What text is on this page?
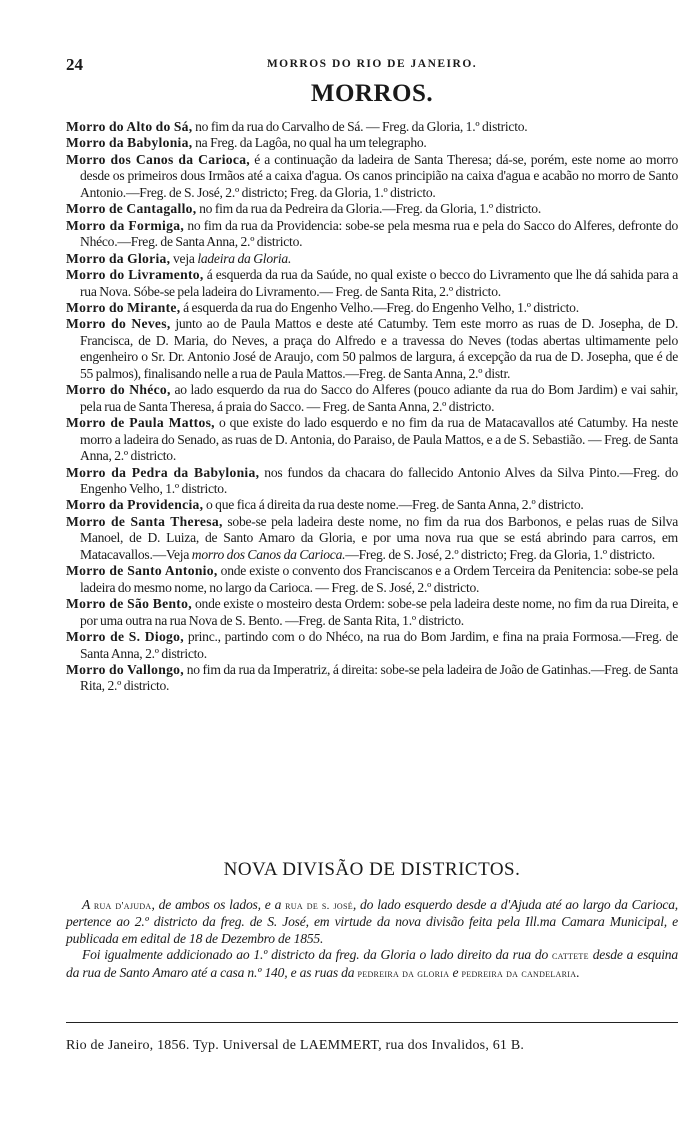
24	MORROS DO RIO DE JANEIRO.
MORROS.

Morro do Alto do Sá, no fim da rua do Carvalho de Sá. — Freg. da Gloria, 1.º districto.

Morro da Babylonia, na Freg. da Lagôa, no qual ha um telegrapho.

Morro dos Canos da Carioca, é a continuação da ladeira de Santa Theresa; dá-se, porém, este nome ao morro desde os primeiros dous Irmãos até a caixa d'agua. Os canos principião na caixa d'agua e acabão no morro de Santo Antonio.—Freg. de S. José, 2.º districto; Freg. da Gloria, 1.º districto.

Morro de Cantagallo, no fim da rua da Pedreira da Gloria.—Freg. da Gloria, 1.º districto.

Morro da Formiga, no fim da rua da Providencia: sobe-se pela mesma rua e pela do Sacco do Alferes, defronte do Nhéco.—Freg. de Santa Anna, 2.º districto.

Morro da Gloria, veja ladeira da Gloria.

Morro do Livramento, á esquerda da rua da Saúde, no qual existe o becco do Livramento que lhe dá sahida para a rua Nova. Sóbe-se pela ladeira do Livramento.— Freg. de Santa Rita, 2.º districto.

Morro do Mirante, á esquerda da rua do Engenho Velho.—Freg. do Engenho Velho, 1.º districto.

Morro do Neves, junto ao de Paula Mattos e deste até Catumby. Tem este morro as ruas de D. Josepha, de D. Francisca, de D. Maria, do Neves, a praça do Alfredo e a travessa do Neves (todas abertas ultimamente pelo engenheiro o Sr. Dr. Antonio José de Araujo, com 50 palmos de largura, á excepção da rua de D. Josepha, que é de 55 palmos), finalisando nelle a rua de Paula Mattos.—Freg. de Santa Anna, 2.º distr.

Morro do Nhéco, ao lado esquerdo da rua do Sacco do Alferes (pouco adiante da rua do Bom Jardim) e vai sahir, pela rua de Santa Theresa, á praia do Sacco. — Freg. de Santa Anna, 2.º districto.

Morro de Paula Mattos, o que existe do lado esquerdo e no fim da rua de Matacavallos até Catumby. Ha neste morro a ladeira do Senado, as ruas de D. Antonia, do Paraiso, de Paula Mattos, e a de S. Sebastião. — Freg. de Santa Anna, 2.º districto.

Morro da Pedra da Babylonia, nos fundos da chacara do fallecido Antonio Alves da Silva Pinto.—Freg. do Engenho Velho, 1.º districto.

Morro da Providencia, o que fica á direita da rua deste nome.—Freg. de Santa Anna, 2.º districto.

Morro de Santa Theresa, sobe-se pela ladeira deste nome, no fim da rua dos Barbonos, e pelas ruas de Silva Manoel, de D. Luiza, de Santo Amaro da Gloria, e por uma nova rua que se está abrindo para carros, em Matacavallos.—Veja morro dos Canos da Carioca.—Freg. de S. José, 2.º districto; Freg. da Gloria, 1.º districto.

Morro de Santo Antonio, onde existe o convento dos Franciscanos e a Ordem Terceira da Penitencia: sobe-se pela ladeira do mesmo nome, no largo da Carioca. — Freg. de S. José, 2.º districto.

Morro de São Bento, onde existe o mosteiro desta Ordem: sobe-se pela ladeira deste nome, no fim da rua Direita, e por uma outra na rua Nova de S. Bento. —Freg. de Santa Rita, 1.º districto.

Morro de S. Diogo, princ., partindo com o do Nhéco, na rua do Bom Jardim, e fina na praia Formosa.—Freg. de Santa Anna, 2.º districto.

Morro do Vallongo, no fim da rua da Imperatriz, á direita: sobe-se pela ladeira de João de Gatinhas.—Freg. de Santa Rita, 2.º districto.

NOVA DIVISÃO DE DISTRICTOS.

A rua d'ajuda, de ambos os lados, e a rua de s. josé, do lado esquerdo desde a d'Ajuda até ao largo da Carioca, pertence ao 2.º districto da freg. de S. José, em virtude da nova divisão feita pela Ill.ma Camara Municipal, e publicada em edital de 18 de Dezembro de 1855.

Foi igualmente addicionado ao 1.º districto da freg. da Gloria o lado direito da rua do cattete desde a esquina da rua de Santo Amaro até a casa n.º 140, e as ruas da pedreira da gloria e pedreira da candelaria.

Rio de Janeiro, 1856. Typ. Universal de LAEMMERT, rua dos Invalidos, 61 B.
